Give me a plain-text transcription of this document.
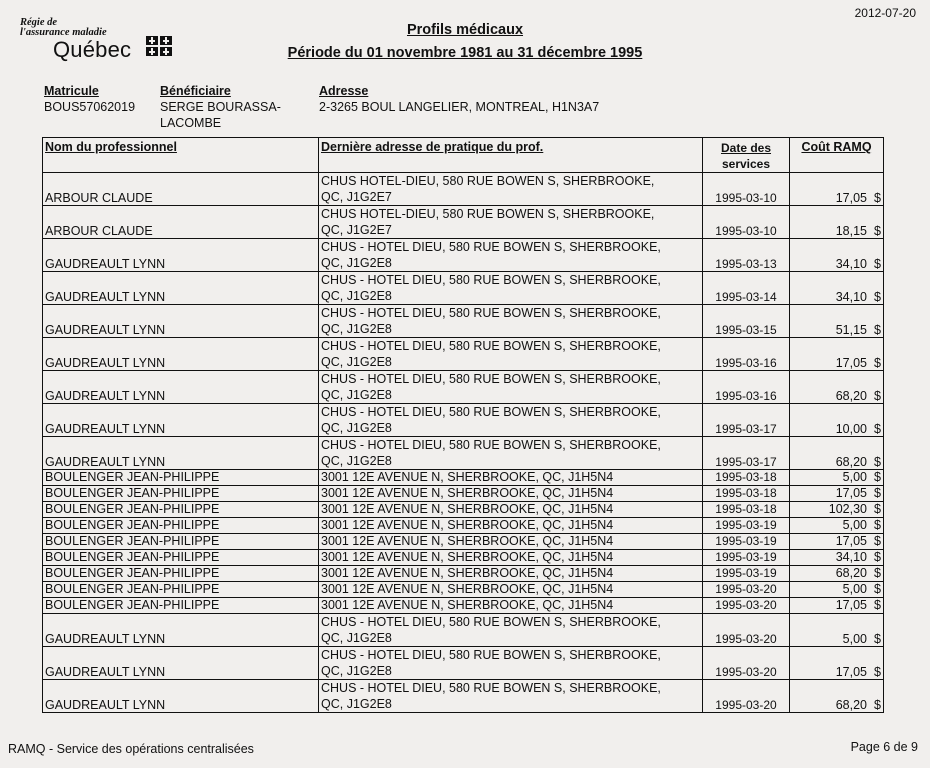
Régie de
l'assurance maladie
Québec
2012-07-20
Profils médicaux
Période du 01 novembre 1981 au 31 décembre 1995
Matricule
BOUS57062019
Bénéficiaire
SERGE BOURASSA-
LACOMBE
Adresse
2-3265 BOUL LANGELIER, MONTREAL, H1N3A7
Nom du professionnel	Dernière adresse de pratique du prof.	Date des
services	Coût RAMQ
ARBOUR CLAUDE	CHUS HOTEL-DIEU, 580 RUE BOWEN S, SHERBROOKE,
QC, J1G2E7	1995-03-10	17,05 $
ARBOUR CLAUDE	CHUS HOTEL-DIEU, 580 RUE BOWEN S, SHERBROOKE,
QC, J1G2E7	1995-03-10	18,15 $
GAUDREAULT LYNN	CHUS - HOTEL DIEU, 580 RUE BOWEN S, SHERBROOKE,
QC, J1G2E8	1995-03-13	34,10 $
GAUDREAULT LYNN	CHUS - HOTEL DIEU, 580 RUE BOWEN S, SHERBROOKE,
QC, J1G2E8	1995-03-14	34,10 $
GAUDREAULT LYNN	CHUS - HOTEL DIEU, 580 RUE BOWEN S, SHERBROOKE,
QC, J1G2E8	1995-03-15	51,15 $
GAUDREAULT LYNN	CHUS - HOTEL DIEU, 580 RUE BOWEN S, SHERBROOKE,
QC, J1G2E8	1995-03-16	17,05 $
GAUDREAULT LYNN	CHUS - HOTEL DIEU, 580 RUE BOWEN S, SHERBROOKE,
QC, J1G2E8	1995-03-16	68,20 $
GAUDREAULT LYNN	CHUS - HOTEL DIEU, 580 RUE BOWEN S, SHERBROOKE,
QC, J1G2E8	1995-03-17	10,00 $
GAUDREAULT LYNN	CHUS - HOTEL DIEU, 580 RUE BOWEN S, SHERBROOKE,
QC, J1G2E8	1995-03-17	68,20 $
BOULENGER JEAN-PHILIPPE	3001 12E AVENUE N, SHERBROOKE, QC, J1H5N4	1995-03-18	5,00 $
BOULENGER JEAN-PHILIPPE	3001 12E AVENUE N, SHERBROOKE, QC, J1H5N4	1995-03-18	17,05 $
BOULENGER JEAN-PHILIPPE	3001 12E AVENUE N, SHERBROOKE, QC, J1H5N4	1995-03-18	102,30 $
BOULENGER JEAN-PHILIPPE	3001 12E AVENUE N, SHERBROOKE, QC, J1H5N4	1995-03-19	5,00 $
BOULENGER JEAN-PHILIPPE	3001 12E AVENUE N, SHERBROOKE, QC, J1H5N4	1995-03-19	17,05 $
BOULENGER JEAN-PHILIPPE	3001 12E AVENUE N, SHERBROOKE, QC, J1H5N4	1995-03-19	34,10 $
BOULENGER JEAN-PHILIPPE	3001 12E AVENUE N, SHERBROOKE, QC, J1H5N4	1995-03-19	68,20 $
BOULENGER JEAN-PHILIPPE	3001 12E AVENUE N, SHERBROOKE, QC, J1H5N4	1995-03-20	5,00 $
BOULENGER JEAN-PHILIPPE	3001 12E AVENUE N, SHERBROOKE, QC, J1H5N4	1995-03-20	17,05 $
GAUDREAULT LYNN	CHUS - HOTEL DIEU, 580 RUE BOWEN S, SHERBROOKE,
QC, J1G2E8	1995-03-20	5,00 $
GAUDREAULT LYNN	CHUS - HOTEL DIEU, 580 RUE BOWEN S, SHERBROOKE,
QC, J1G2E8	1995-03-20	17,05 $
GAUDREAULT LYNN	CHUS - HOTEL DIEU, 580 RUE BOWEN S, SHERBROOKE,
QC, J1G2E8	1995-03-20	68,20 $
RAMQ - Service des opérations centralisées	Page 6 de 9
